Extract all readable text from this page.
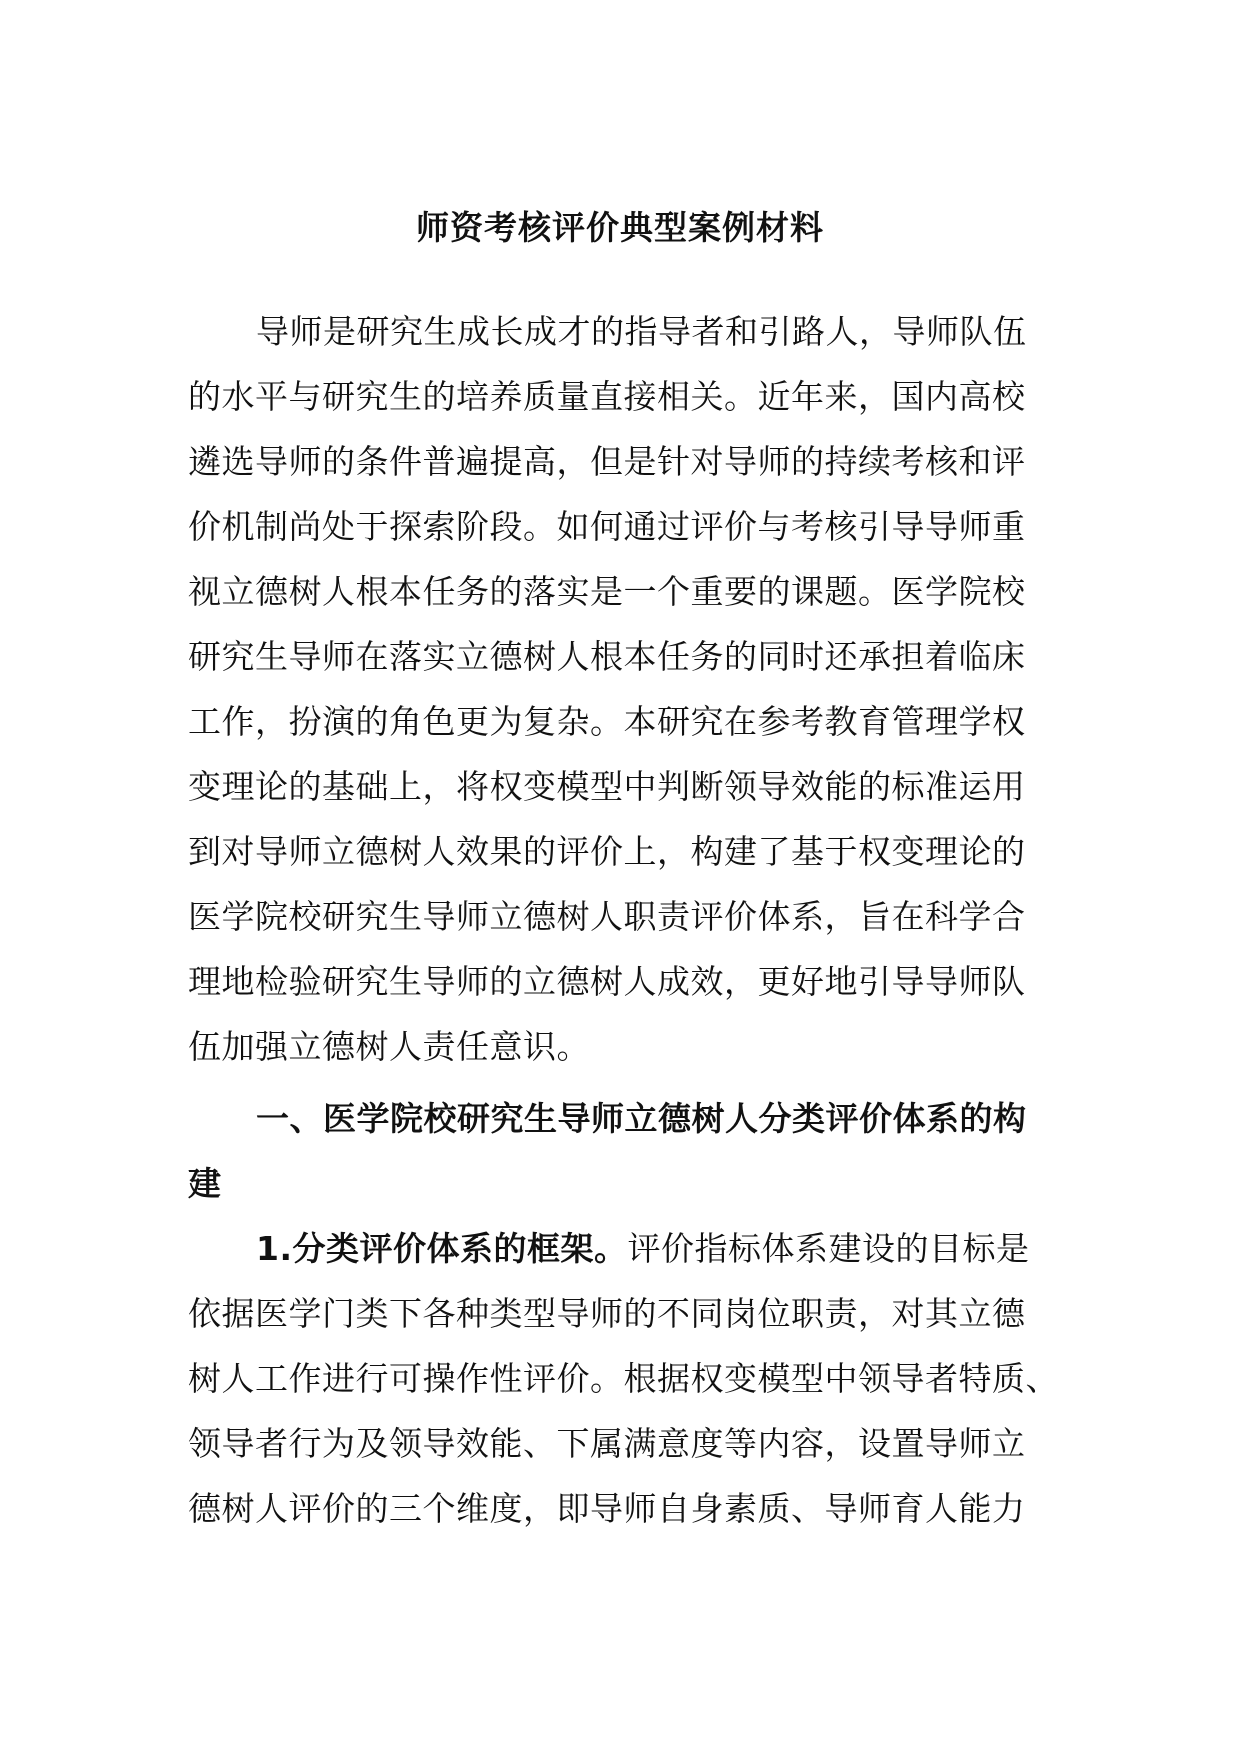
师资考核评价典型案例材料
导师是研究生成长成才的指导者和引路人，导师队伍
的水平与研究生的培养质量直接相关。近年来，国内高校
遴选导师的条件普遍提高，但是针对导师的持续考核和评
价机制尚处于探索阶段。如何通过评价与考核引导导师重
视立德树人根本任务的落实是一个重要的课题。医学院校
研究生导师在落实立德树人根本任务的同时还承担着临床
工作，扮演的角色更为复杂。本研究在参考教育管理学权
变理论的基础上，将权变模型中判断领导效能的标准运用
到对导师立德树人效果的评价上，构建了基于权变理论的
医学院校研究生导师立德树人职责评价体系，旨在科学合
理地检验研究生导师的立德树人成效，更好地引导导师队
伍加强立德树人责任意识。
一、医学院校研究生导师立德树人分类评价体系的构
建
1.分类评价体系的框架。评价指标体系建设的目标是
依据医学门类下各种类型导师的不同岗位职责，对其立德
树人工作进行可操作性评价。根据权变模型中领导者特质、
领导者行为及领导效能、下属满意度等内容，设置导师立
德树人评价的三个维度，即导师自身素质、导师育人能力
